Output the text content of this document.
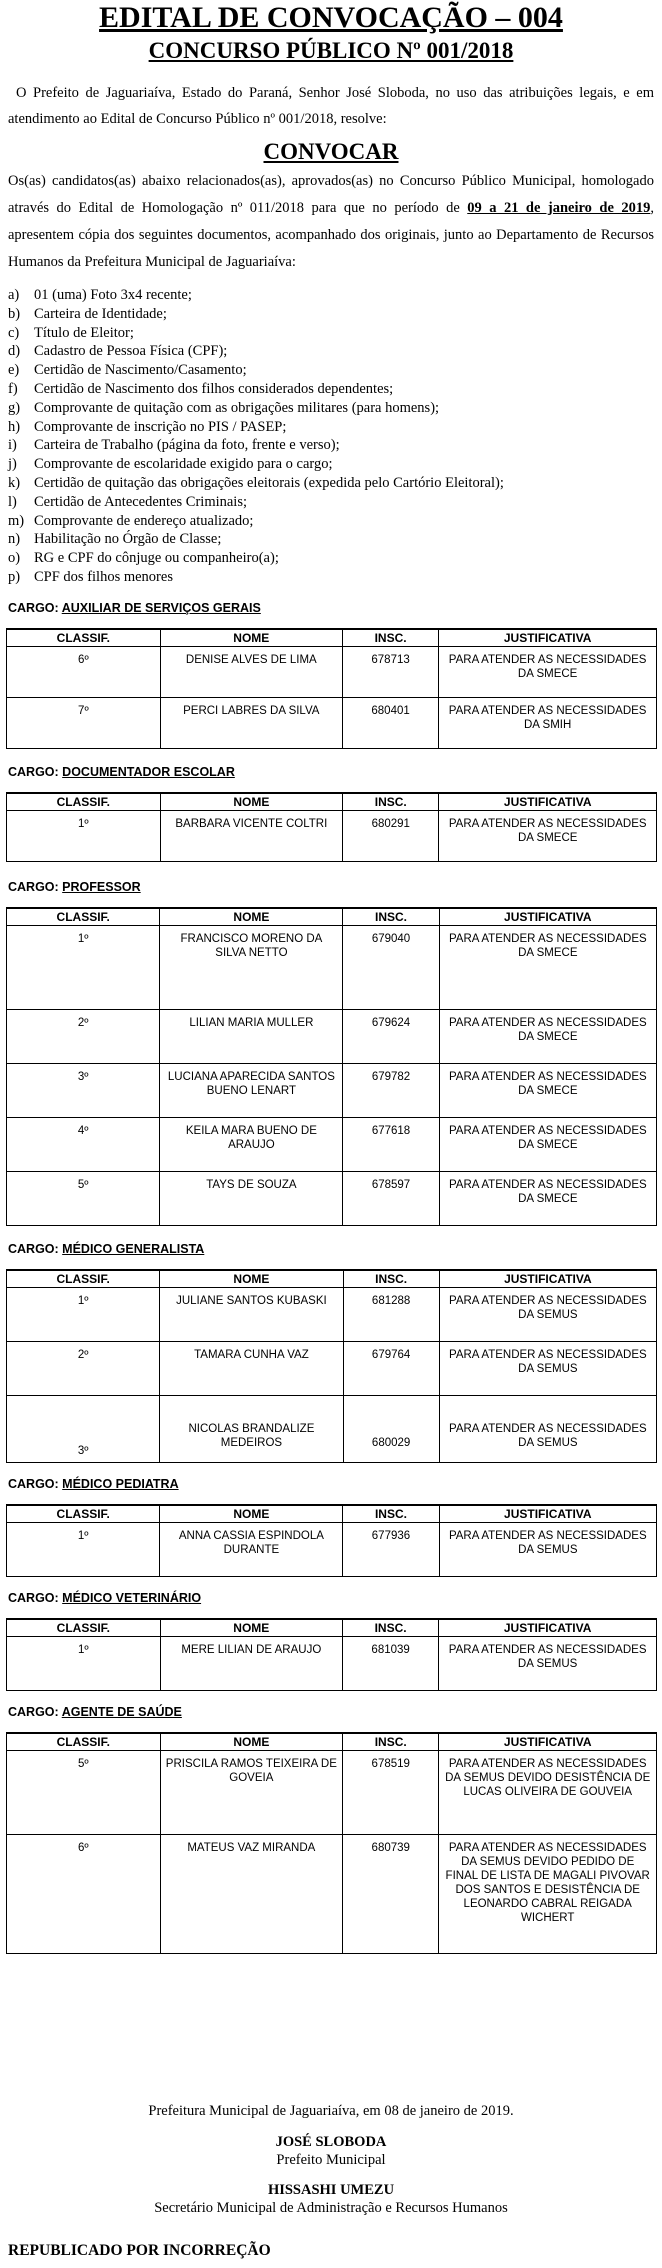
EDITAL DE CONVOCAÇÃO – 004
CONCURSO PÚBLICO Nº 001/2018

O Prefeito de Jaguariaíva, Estado do Paraná, Senhor José Sloboda, no uso das atribuições legais, e em atendimento ao Edital de Concurso Público nº 001/2018, resolve:

CONVOCAR

Os(as) candidatos(as) abaixo relacionados(as), aprovados(as) no Concurso Público Municipal, homologado através do Edital de Homologação nº 011/2018 para que no período de 09 a 21 de janeiro de 2019, apresentem cópia dos seguintes documentos, acompanhado dos originais, junto ao Departamento de Recursos Humanos da Prefeitura Municipal de Jaguariaíva:

a)	01 (uma) Foto 3x4 recente;
b) Carteira de Identidade;
c)	Título de Eleitor;
d) Cadastro de Pessoa Física (CPF);
e)	Certidão de Nascimento/Casamento;
f)	Certidão de Nascimento dos filhos considerados dependentes;
g) Comprovante de quitação com as obrigações militares (para homens);
h) Comprovante de inscrição no PIS / PASEP;
i)	Carteira de Trabalho (página da foto, frente e verso);
j)	Comprovante de escolaridade exigido para o cargo;
k) Certidão de quitação das obrigações eleitorais (expedida pelo Cartório Eleitoral);
l)	Certidão de Antecedentes Criminais;
m) Comprovante de endereço atualizado;
n) Habilitação no Órgão de Classe;
o) RG e CPF do cônjuge ou companheiro(a);
p) CPF dos filhos menores
CARGO: AUXILIAR DE SERVIÇOS GERAIS
CLASSIF.	NOME	INSC.	JUSTIFICATIVA
6º	DENISE ALVES DE LIMA	678713	PARA ATENDER AS NECESSIDADES DA SMECE
7º	PERCI LABRES DA SILVA	680401	PARA ATENDER AS NECESSIDADES DA SMIH
CARGO: DOCUMENTADOR ESCOLAR
CLASSIF.	NOME	INSC.	JUSTIFICATIVA
1º	BARBARA VICENTE COLTRI	680291	PARA ATENDER AS NECESSIDADES DA SMECE
CARGO: PROFESSOR
CLASSIF.	NOME	INSC.	JUSTIFICATIVA
1º	FRANCISCO MORENO DA SILVA NETTO	679040	PARA ATENDER AS NECESSIDADES DA SMECE
2º	LILIAN MARIA MULLER	679624	PARA ATENDER AS NECESSIDADES DA SMECE
3º	LUCIANA APARECIDA SANTOS BUENO LENART	679782	PARA ATENDER AS NECESSIDADES DA SMECE
4º	KEILA MARA BUENO DE ARAUJO	677618	PARA ATENDER AS NECESSIDADES DA SMECE
5º	TAYS DE SOUZA	678597	PARA ATENDER AS NECESSIDADES DA SMECE
CARGO: MÉDICO GENERALISTA
CLASSIF.	NOME	INSC.	JUSTIFICATIVA
1º	JULIANE SANTOS KUBASKI	681288	PARA ATENDER AS NECESSIDADES DA SEMUS
2º	TAMARA CUNHA VAZ	679764	PARA ATENDER AS NECESSIDADES DA SEMUS
3º	NICOLAS BRANDALIZE MEDEIROS	680029	PARA ATENDER AS NECESSIDADES DA SEMUS
CARGO: MÉDICO PEDIATRA
CLASSIF.	NOME	INSC.	JUSTIFICATIVA
1º	ANNA CASSIA ESPINDOLA DURANTE	677936	PARA ATENDER AS NECESSIDADES DA SEMUS
CARGO: MÉDICO VETERINÁRIO
CLASSIF.	NOME	INSC.	JUSTIFICATIVA
1º	MERE LILIAN DE ARAUJO	681039	PARA ATENDER AS NECESSIDADES DA SEMUS
CARGO: AGENTE DE SAÚDE
CLASSIF.	NOME	INSC.	JUSTIFICATIVA
5º	PRISCILA RAMOS TEIXEIRA DE GOVEIA	678519	PARA ATENDER AS NECESSIDADES DA SEMUS DEVIDO DESISTÊNCIA DE LUCAS OLIVEIRA DE GOUVEIA
6º	MATEUS VAZ MIRANDA	680739	PARA ATENDER AS NECESSIDADES DA SEMUS DEVIDO PEDIDO DE FINAL DE LISTA DE MAGALI PIVOVAR DOS SANTOS E DESISTÊNCIA DE LEONARDO CABRAL REIGADA WICHERT
Prefeitura Municipal de Jaguariaíva, em 08 de janeiro de 2019.
JOSÉ SLOBODA
Prefeito Municipal
HISSASHI UMEZU
Secretário Municipal de Administração e Recursos Humanos
REPUBLICADO POR INCORREÇÃO
